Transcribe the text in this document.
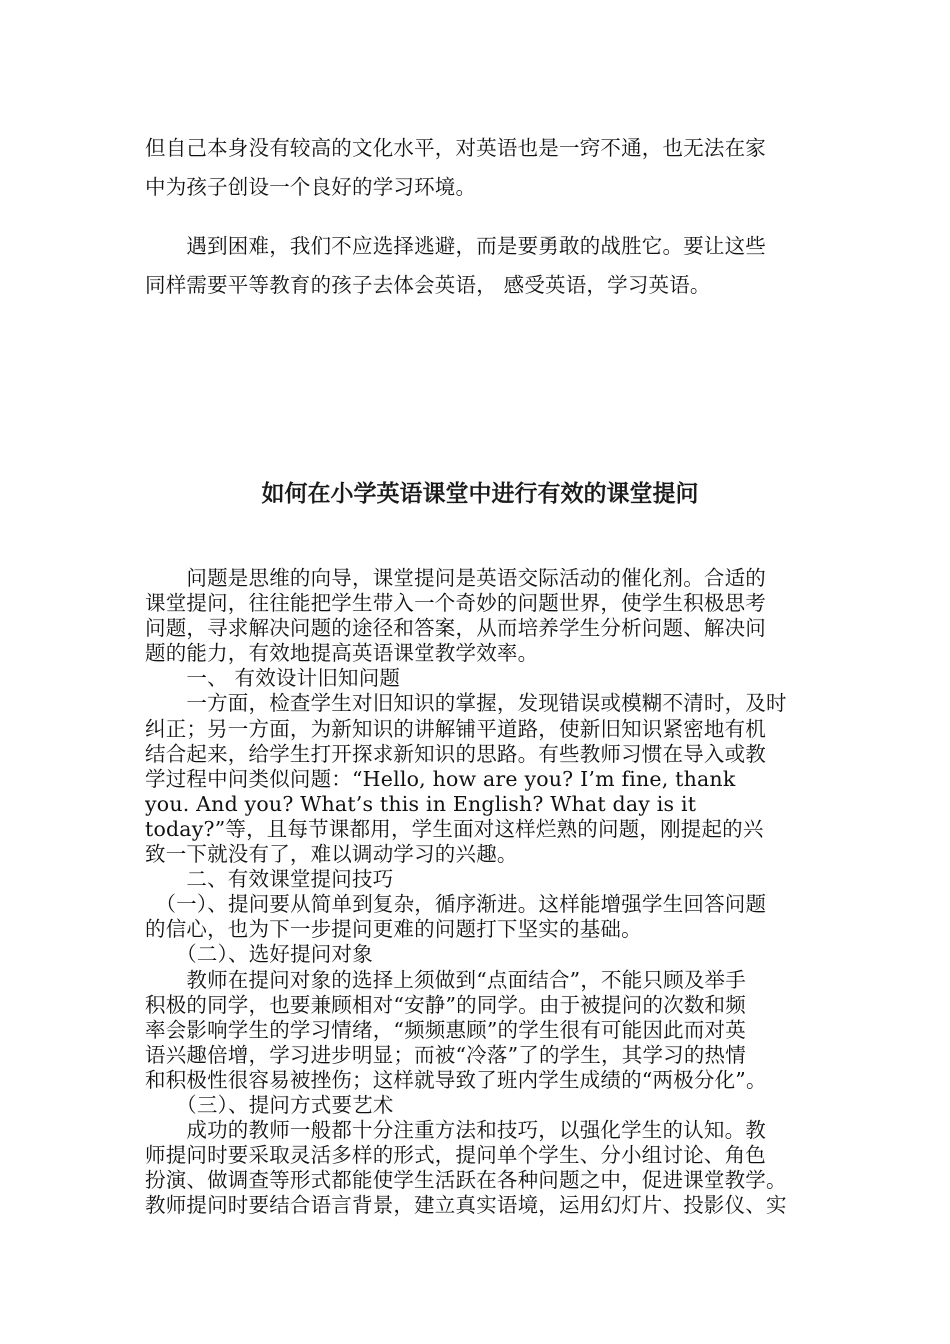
但自己本身没有较高的文化水平，对英语也是一窍不通，也无法在家
中为孩子创设一个良好的学习环境。
　　遇到困难，我们不应选择逃避，而是要勇敢的战胜它。要让这些
同样需要平等教育的孩子去体会英语， 感受英语，学习英语。
如何在小学英语课堂中进行有效的课堂提问
　　问题是思维的向导，课堂提问是英语交际活动的催化剂。合适的
课堂提问，往往能把学生带入一个奇妙的问题世界，使学生积极思考
问题，寻求解决问题的途径和答案，从而培养学生分析问题、解决问
题的能力，有效地提高英语课堂教学效率。
　　一、 有效设计旧知问题
　　一方面，检查学生对旧知识的掌握，发现错误或模糊不清时，及时
纠正；另一方面，为新知识的讲解铺平道路，使新旧知识紧密地有机
结合起来，给学生打开探求新知识的思路。有些教师习惯在导入或教
学过程中问类似问题：“Hello, how are you? I’m fine, thank
you. And you? What’s this in English? What day is it
today?”等，且每节课都用，学生面对这样烂熟的问题，刚提起的兴
致一下就没有了，难以调动学习的兴趣。
　　二、有效课堂提问技巧
　（一）、提问要从简单到复杂，循序渐进。这样能增强学生回答问题
的信心，也为下一步提问更难的问题打下坚实的基础。
　　（二）、选好提问对象
　　教师在提问对象的选择上须做到“点面结合”，不能只顾及举手
积极的同学，也要兼顾相对“安静”的同学。由于被提问的次数和频
率会影响学生的学习情绪，“频频惠顾”的学生很有可能因此而对英
语兴趣倍增，学习进步明显；而被“冷落”了的学生，其学习的热情
和积极性很容易被挫伤；这样就导致了班内学生成绩的“两极分化”。
　　（三）、提问方式要艺术
　　成功的教师一般都十分注重方法和技巧，以强化学生的认知。教
师提问时要采取灵活多样的形式，提问单个学生、分小组讨论、角色
扮演、做调查等形式都能使学生活跃在各种问题之中，促进课堂教学。
教师提问时要结合语言背景，建立真实语境，运用幻灯片、投影仪、实
